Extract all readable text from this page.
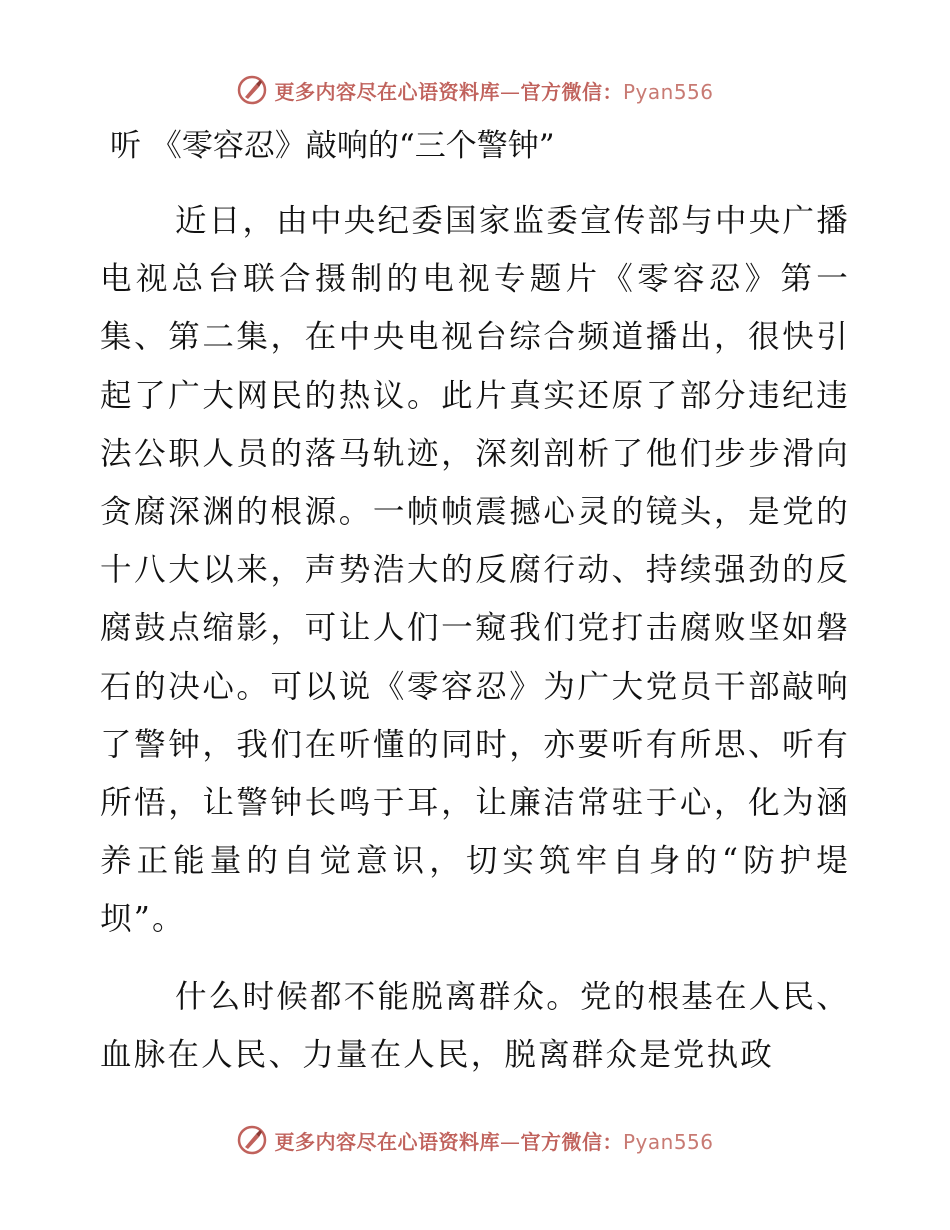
更多内容尽在心语资料库—官方微信：Pyan556
听 《零容忍》敲响的“三个警钟”

近日，由中央纪委国家监委宣传部与中央广播电视总台联合摄制的电视专题片《零容忍》第一集、第二集，在中央电视台综合频道播出，很快引起了广大网民的热议。此片真实还原了部分违纪违法公职人员的落马轨迹，深刻剖析了他们步步滑向贪腐深渊的根源。一帧帧震撼心灵的镜头，是党的十八大以来，声势浩大的反腐行动、持续强劲的反腐鼓点缩影，可让人们一窥我们党打击腐败坚如磐石的决心。可以说《零容忍》为广大党员干部敲响了警钟，我们在听懂的同时，亦要听有所思、听有所悟，让警钟长鸣于耳，让廉洁常驻于心，化为涵养正能量的自觉意识，切实筑牢自身的“防护堤坝”。

什么时候都不能脱离群众。党的根基在人民、血脉在人民、力量在人民，脱离群众是党执政

更多内容尽在心语资料库—官方微信：Pyan556
